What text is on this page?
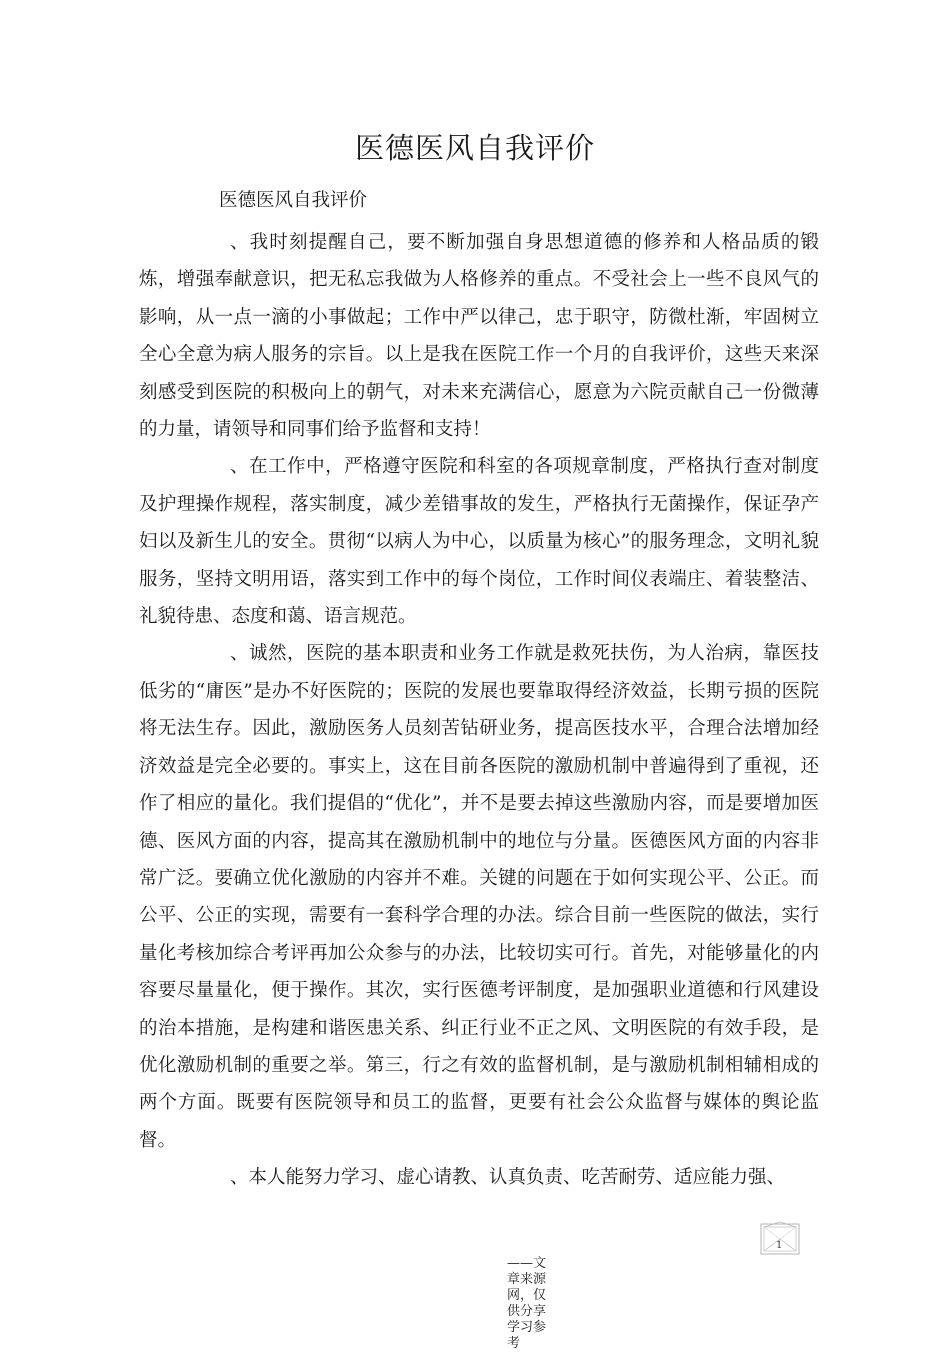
医德医风自我评价
医德医风自我评价

、我时刻提醒自己，要不断加强自身思想道德的修养和人格品质的锻炼，增强奉献意识，把无私忘我做为人格修养的重点。不受社会上一些不良风气的影响，从一点一滴的小事做起；工作中严以律己，忠于职守，防微杜渐，牢固树立全心全意为病人服务的宗旨。以上是我在医院工作一个月的自我评价，这些天来深刻感受到医院的积极向上的朝气，对未来充满信心，愿意为六院贡献自己一份微薄的力量，请领导和同事们给予监督和支持！

、在工作中，严格遵守医院和科室的各项规章制度，严格执行查对制度及护理操作规程，落实制度，减少差错事故的发生，严格执行无菌操作，保证孕产妇以及新生儿的安全。贯彻“以病人为中心，以质量为核心”的服务理念，文明礼貌服务，坚持文明用语，落实到工作中的每个岗位，工作时间仪表端庄、着装整洁、礼貌待患、态度和蔼、语言规范。

、诚然，医院的基本职责和业务工作就是救死扶伤，为人治病，靠医技低劣的“庸医”是办不好医院的；医院的发展也要靠取得经济效益，长期亏损的医院将无法生存。因此，激励医务人员刻苦钻研业务，提高医技水平，合理合法增加经济效益是完全必要的。事实上，这在目前各医院的激励机制中普遍得到了重视，还作了相应的量化。我们提倡的“优化”，并不是要去掉这些激励内容，而是要增加医德、医风方面的内容，提高其在激励机制中的地位与分量。医德医风方面的内容非常广泛。要确立优化激励的内容并不难。关键的问题在于如何实现公平、公正。而公平、公正的实现，需要有一套科学合理的办法。综合目前一些医院的做法，实行量化考核加综合考评再加公众参与的办法，比较切实可行。首先，对能够量化的内容要尽量量化，便于操作。其次，实行医德考评制度，是加强职业道德和行风建设的治本措施，是构建和谐医患关系、纠正行业不正之风、文明医院的有效手段，是优化激励机制的重要之举。第三，行之有效的监督机制，是与激励机制相辅相成的两个方面。既要有医院领导和员工的监督，更要有社会公众监督与媒体的舆论监督。

、本人能努力学习、虚心请教、认真负责、吃苦耐劳、适应能力强、

1
——文章来源网，仅供分享学习参考
